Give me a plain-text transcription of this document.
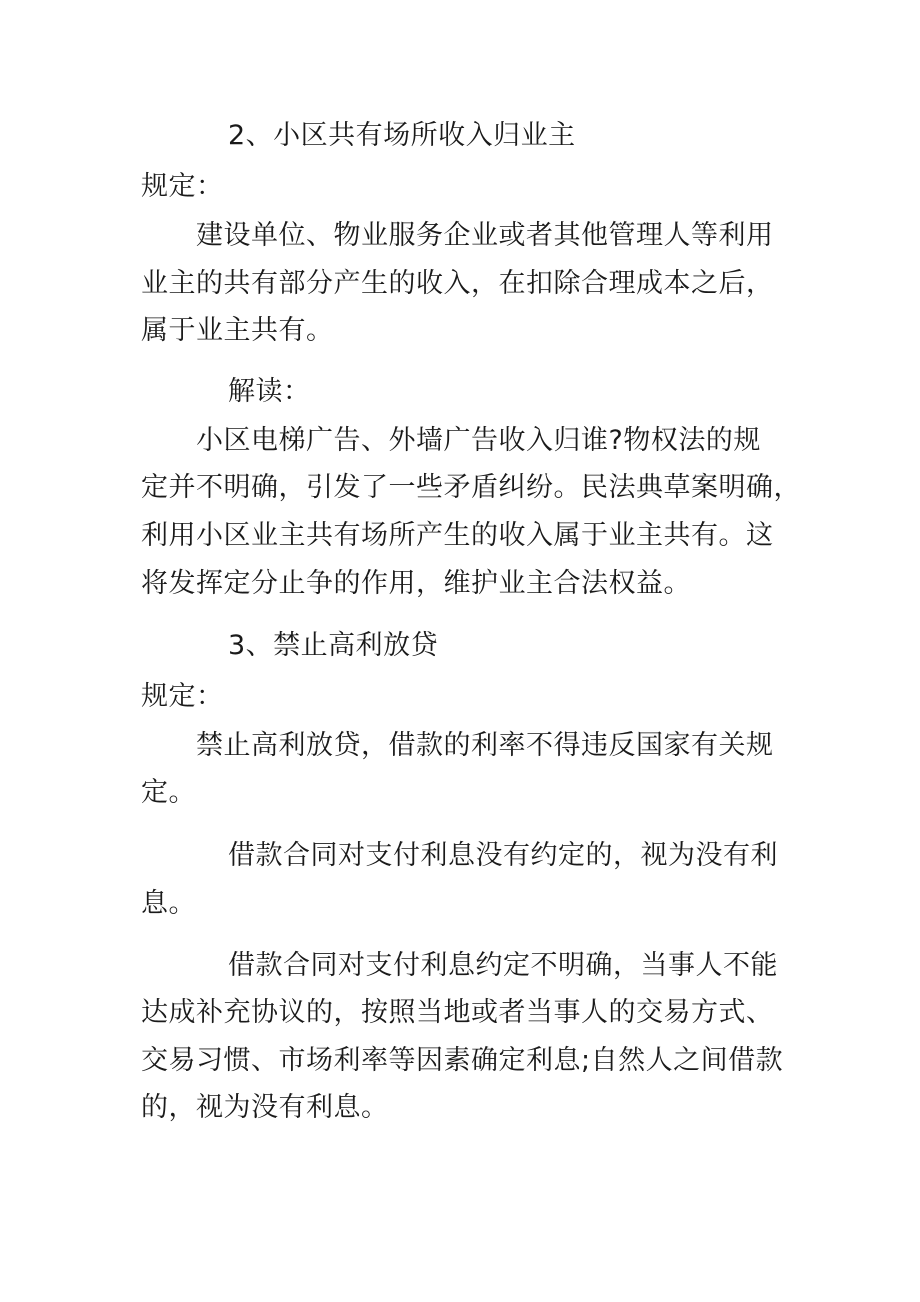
2、小区共有场所收入归业主
规定：
建设单位、物业服务企业或者其他管理人等利用
业主的共有部分产生的收入，在扣除合理成本之后，
属于业主共有。
解读：
小区电梯广告、外墙广告收入归谁?物权法的规
定并不明确，引发了一些矛盾纠纷。民法典草案明确，
利用小区业主共有场所产生的收入属于业主共有。这
将发挥定分止争的作用，维护业主合法权益。
3、禁止高利放贷
规定：
禁止高利放贷，借款的利率不得违反国家有关规
定。
借款合同对支付利息没有约定的，视为没有利
息。
借款合同对支付利息约定不明确，当事人不能
达成补充协议的，按照当地或者当事人的交易方式、
交易习惯、市场利率等因素确定利息;自然人之间借款
的，视为没有利息。
